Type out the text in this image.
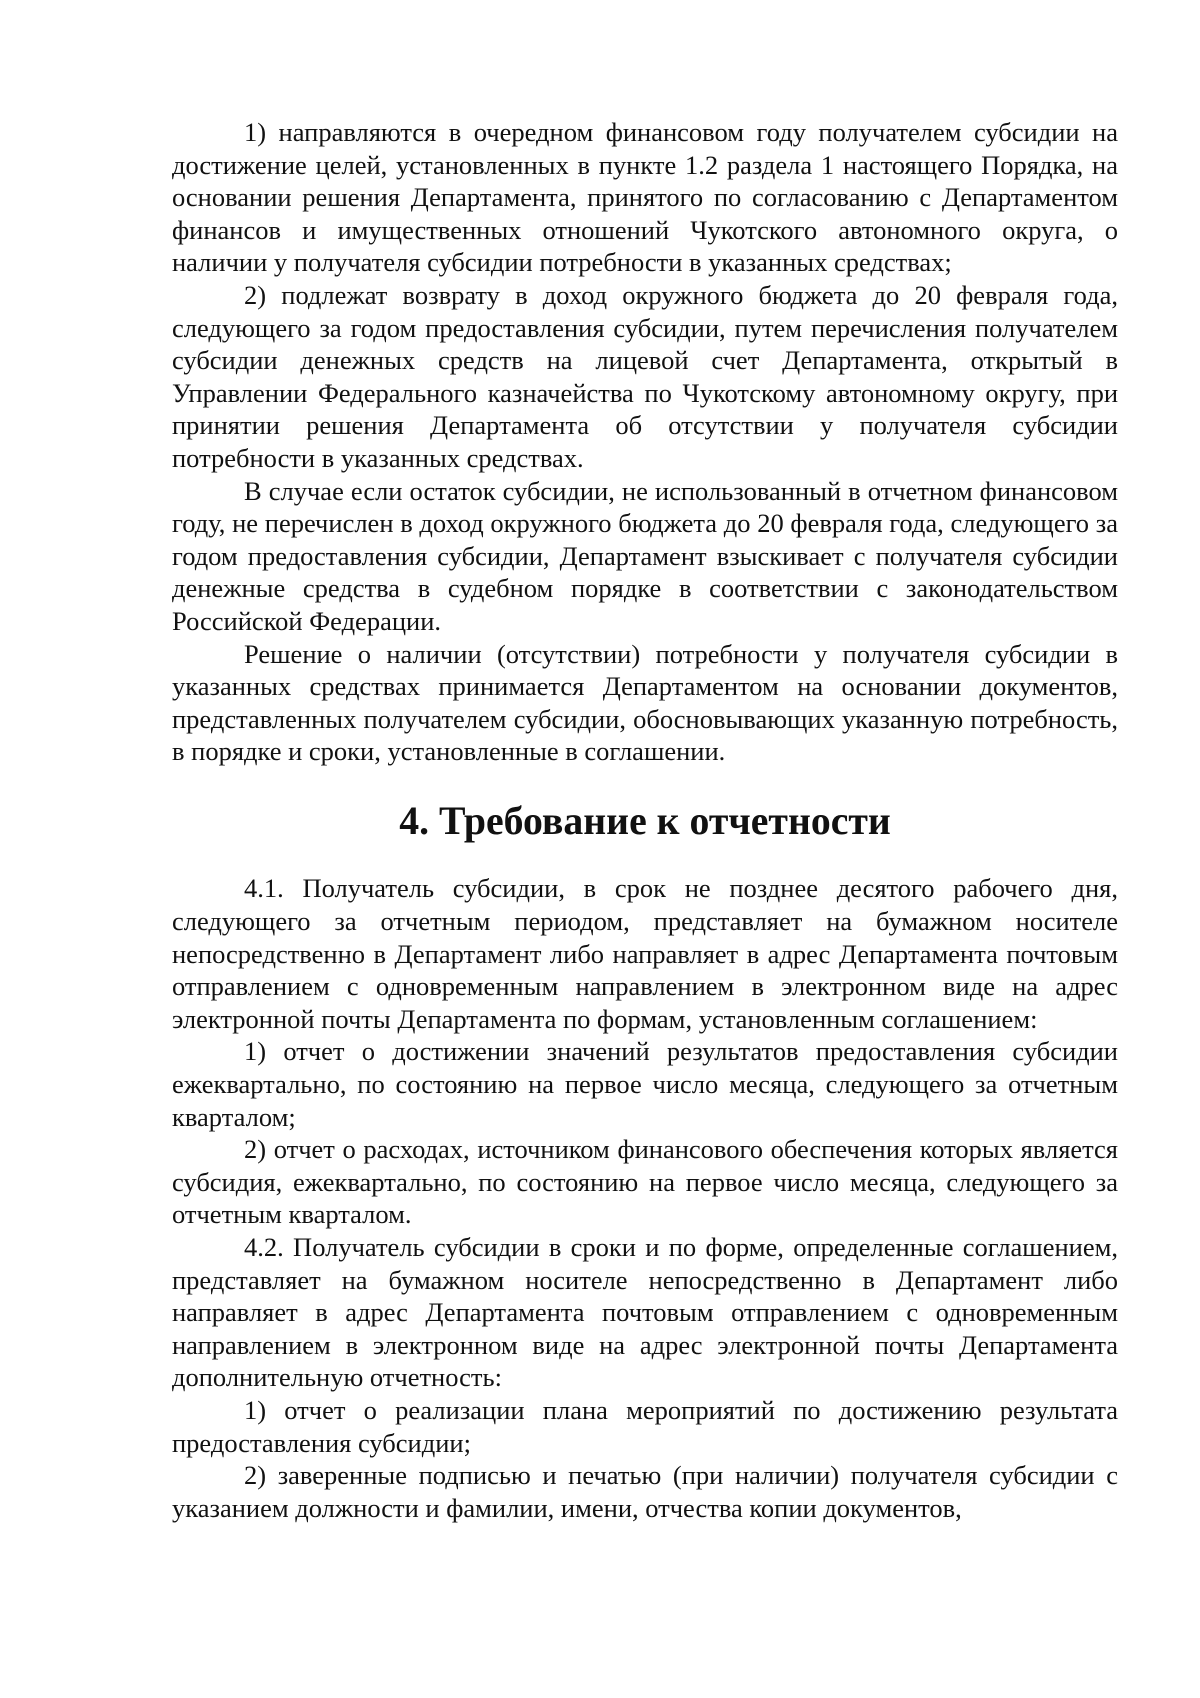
1) направляются в очередном финансовом году получателем субсидии на достижение целей, установленных в пункте 1.2 раздела 1 настоящего Порядка, на основании решения Департамента, принятого по согласованию с Департаментом финансов и имущественных отношений Чукотского автономного округа, о наличии у получателя субсидии потребности в указанных средствах;

2) подлежат возврату в доход окружного бюджета до 20 февраля года, следующего за годом предоставления субсидии, путем перечисления получателем субсидии денежных средств на лицевой счет Департамента, открытый в Управлении Федерального казначейства по Чукотскому автономному округу, при принятии решения Департамента об отсутствии у получателя субсидии потребности в указанных средствах.

В случае если остаток субсидии, не использованный в отчетном финансовом году, не перечислен в доход окружного бюджета до 20 февраля года, следующего за годом предоставления субсидии, Департамент взыскивает с получателя субсидии денежные средства в судебном порядке в соответствии с законодательством Российской Федерации.

Решение о наличии (отсутствии) потребности у получателя субсидии в указанных средствах принимается Департаментом на основании документов, представленных получателем субсидии, обосновывающих указанную потребность, в порядке и сроки, установленные в соглашении.

4. Требование к отчетности

4.1. Получатель субсидии, в срок не позднее десятого рабочего дня, следующего за отчетным периодом, представляет на бумажном носителе непосредственно в Департамент либо направляет в адрес Департамента почтовым отправлением с одновременным направлением в электронном виде на адрес электронной почты Департамента по формам, установленным соглашением:

1) отчет о достижении значений результатов предоставления субсидии ежеквартально, по состоянию на первое число месяца, следующего за отчетным кварталом;

2) отчет о расходах, источником финансового обеспечения которых является субсидия, ежеквартально, по состоянию на первое число месяца, следующего за отчетным кварталом.

4.2. Получатель субсидии в сроки и по форме, определенные соглашением, представляет на бумажном носителе непосредственно в Департамент либо направляет в адрес Департамента почтовым отправлением с одновременным направлением в электронном виде на адрес электронной почты Департамента дополнительную отчетность:

1) отчет о реализации плана мероприятий по достижению результата предоставления субсидии;

2) заверенные подписью и печатью (при наличии) получателя субсидии с указанием должности и фамилии, имени, отчества копии документов,
